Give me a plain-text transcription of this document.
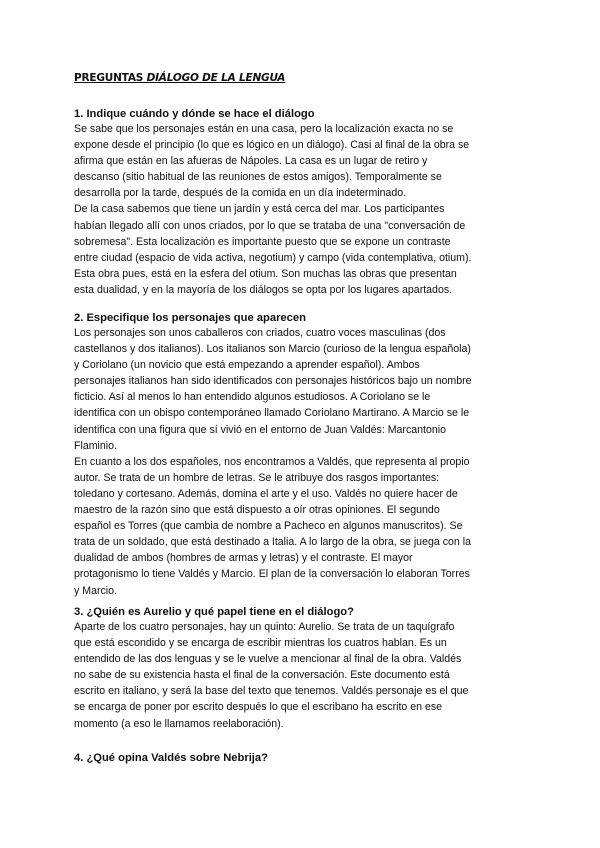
PREGUNTAS DIÁLOGO DE LA LENGUA
1. Indique cuándo y dónde se hace el diálogo

Se sabe que los personajes están en una casa, pero la localización exacta no se
expone desde el principio (lo que es lógico en un diálogo). Casi al final de la obra se
afirma que están en las afueras de Nápoles. La casa es un lugar de retiro y
descanso (sitio habitual de las reuniones de estos amigos). Temporalmente se
desarrolla por la tarde, después de la comida en un día indeterminado.

De la casa sabemos que tiene un jardín y está cerca del mar. Los participantes
habían llegado allí con unos criados, por lo que se trataba de una "conversación de
sobremesa". Esta localización es importante puesto que se expone un contraste
entre ciudad (espacio de vida activa, negotium) y campo (vida contemplativa, otium).
Esta obra pues, está en la esfera del otium. Son muchas las obras que presentan
esta dualidad, y en la mayoría de los diálogos se opta por los lugares apartados.

2. Especifique los personajes que aparecen

Los personajes son unos caballeros con criados, cuatro voces masculinas (dos
castellanos y dos italianos). Los italianos son Marcio (curioso de la lengua española)
y Coriolano (un novicio que está empezando a aprender español). Ambos
personajes italianos han sido identificados con personajes históricos bajo un nombre
ficticio. Así al menos lo han entendido algunos estudiosos. A Coriolano se le
identifica con un obispo contemporáneo llamado Coriolano Martirano. A Marcio se le
identifica con una figura que sí vivió en el entorno de Juan Valdés: Marcantonio
Flaminio.

En cuanto a los dos españoles, nos encontramos a Valdés, que representa al propio
autor. Se trata de un hombre de letras. Se le atribuye dos rasgos importantes:
toledano y cortesano. Además, domina el arte y el uso. Valdés no quiere hacer de
maestro de la razón sino que está dispuesto a oír otras opiniones. El segundo
español es Torres (que cambia de nombre a Pacheco en algunos manuscritos). Se
trata de un soldado, que está destinado a Italia. A lo largo de la obra, se juega con la
dualidad de ambos (hombres de armas y letras) y el contraste. El mayor
protagonismo lo tiene Valdés y Marcio. El plan de la conversación lo elaboran Torres
y Marcio.

3. ¿Quién es Aurelio y qué papel tiene en el diálogo?

Aparte de los cuatro personajes, hay un quinto: Aurelio. Se trata de un taquígrafo
que está escondido y se encarga de escribir mientras los cuatros hablan. Es un
entendido de las dos lenguas y se le vuelve a mencionar al final de la obra. Valdés
no sabe de su existencia hasta el final de la conversación. Este documento está
escrito en italiano, y será la base del texto que tenemos. Valdés personaje es el que
se encarga de poner por escrito después lo que el escribano ha escrito en ese
momento (a eso le llamamos reelaboración).

4. ¿Qué opina Valdés sobre Nebrija?
